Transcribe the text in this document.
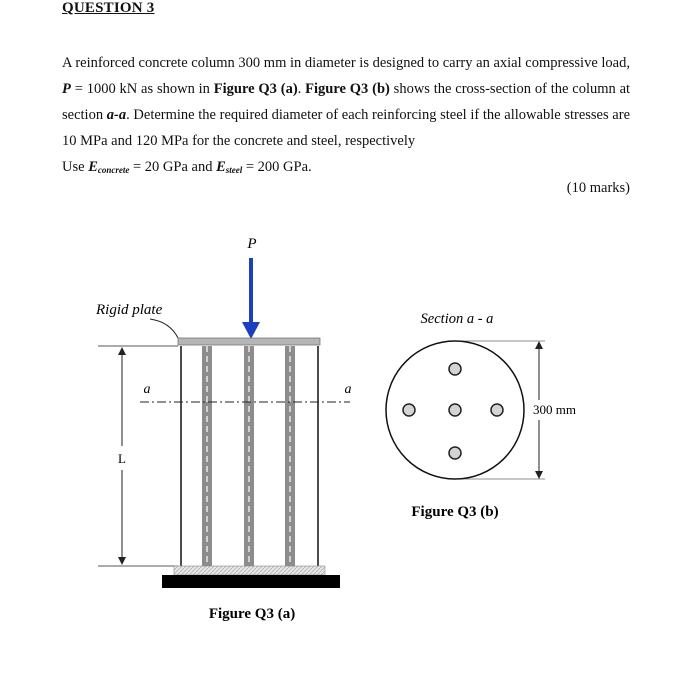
QUESTION 3

A reinforced concrete column 300 mm in diameter is designed to carry an axial compressive load, P = 1000 kN as shown in Figure Q3 (a). Figure Q3 (b) shows the cross-section of the column at section a-a. Determine the required diameter of each reinforcing steel if the allowable stresses are 10 MPa and 120 MPa for the concrete and steel, respectively

Use $E_{concrete} = 20$ GPa and $E_{steel} = 200$ GPa.

(10 marks)
P
Rigid plate
a	a
L
Figure Q3 (a)
Section a - a
300 mm
Figure Q3 (b)
